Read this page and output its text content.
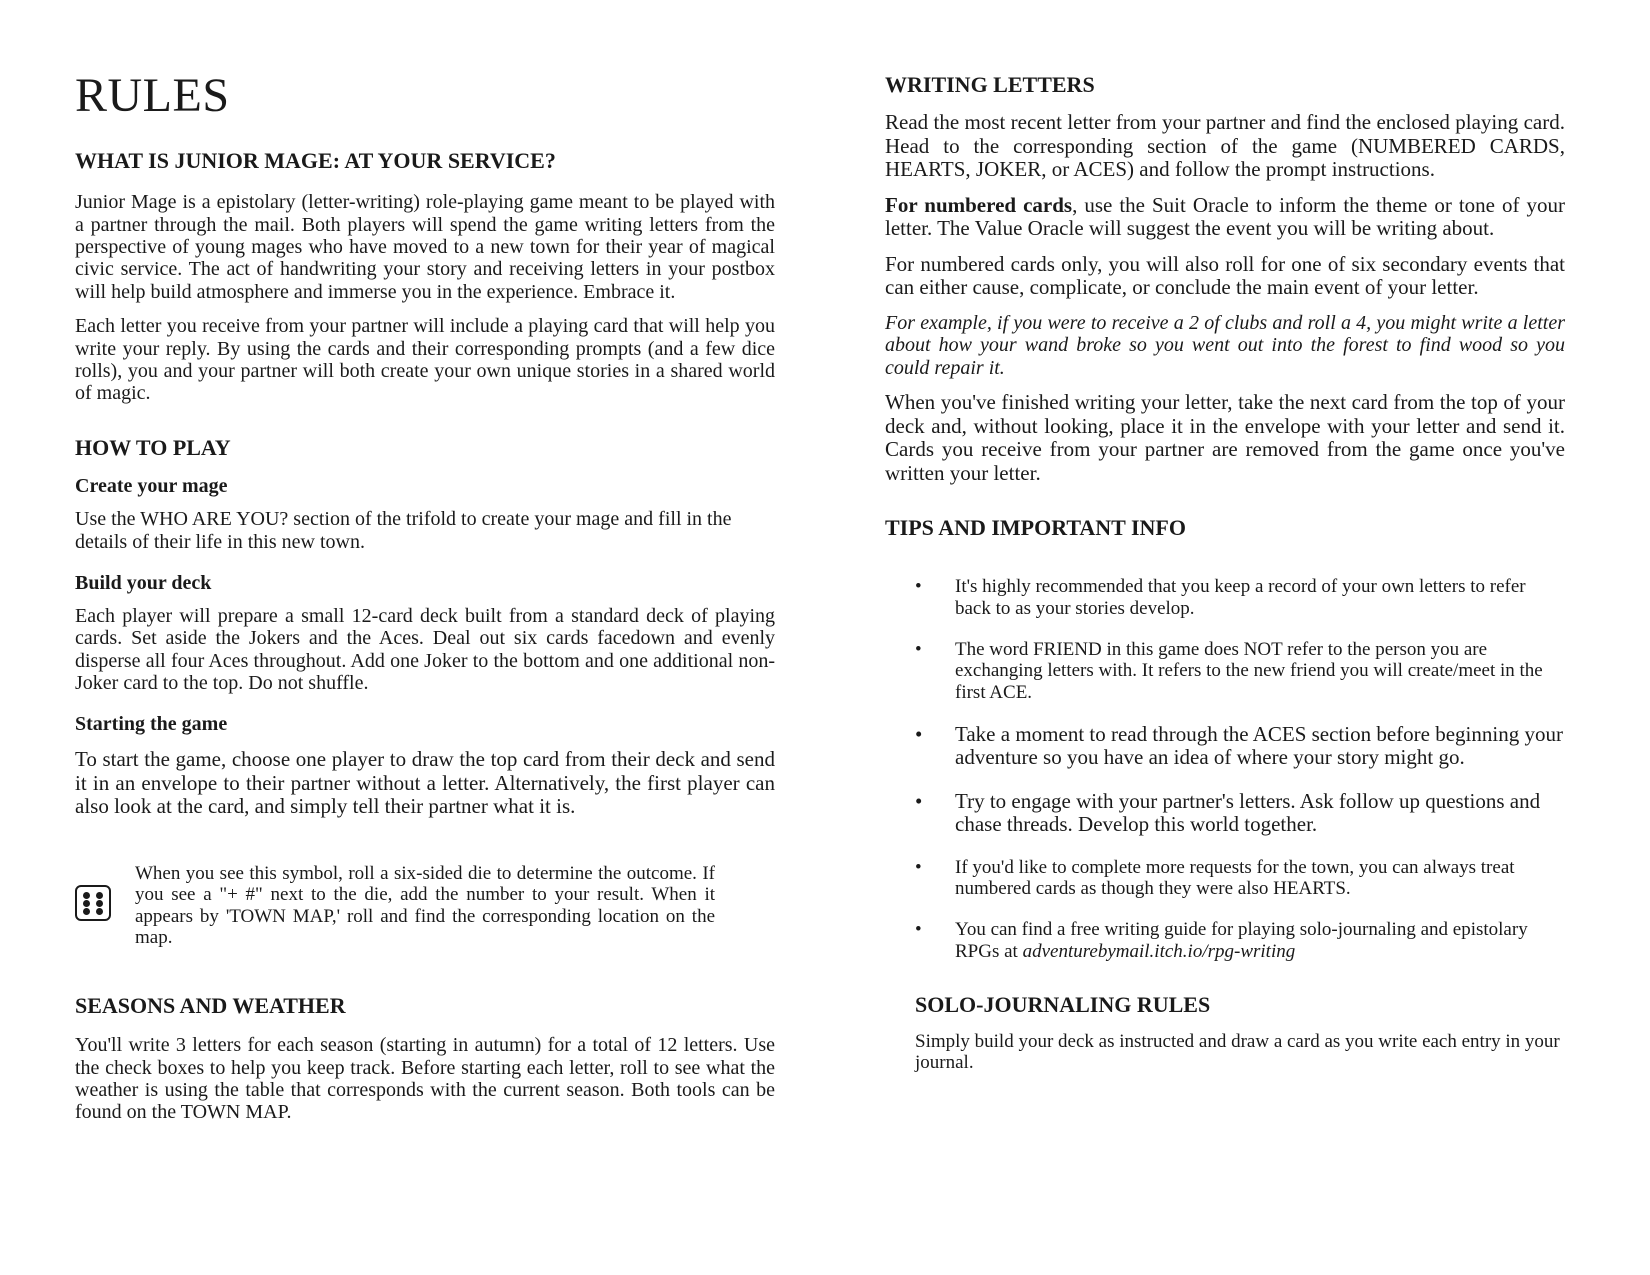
RULES
WHAT IS JUNIOR MAGE: AT YOUR SERVICE?

Junior Mage is a epistolary (letter-writing) role-playing game meant to be played with a partner through the mail. Both players will spend the game writing letters from the perspective of young mages who have moved to a new town for their year of magical civic service. The act of handwriting your story and receiving letters in your postbox will help build atmosphere and immerse you in the experience. Embrace it.

Each letter you receive from your partner will include a playing card that will help you write your reply. By using the cards and their corresponding prompts (and a few dice rolls), you and your partner will both create your own unique stories in a shared world of magic.

HOW TO PLAY
Create your mage

Use the WHO ARE YOU? section of the trifold to create your mage and fill in the details of their life in this new town.

Build your deck

Each player will prepare a small 12-card deck built from a standard deck of playing cards. Set aside the Jokers and the Aces. Deal out six cards facedown and evenly disperse all four Aces throughout. Add one Joker to the bottom and one additional non-Joker card to the top. Do not shuffle.

Starting the game

To start the game, choose one player to draw the top card from their deck and send it in an envelope to their partner without a letter. Alternatively, the first player can also look at the card, and simply tell their partner what it is.

When you see this symbol, roll a six-sided die to determine the outcome. If you see a "+ #" next to the die, add the number to your result. When it appears by 'TOWN MAP,' roll and find the corresponding location on the map.

SEASONS AND WEATHER

You'll write 3 letters for each season (starting in autumn) for a total of 12 letters. Use the check boxes to help you keep track. Before starting each letter, roll to see what the weather is using the table that corresponds with the current season. Both tools can be found on the TOWN MAP.

WRITING LETTERS

Read the most recent letter from your partner and find the enclosed playing card. Head to the corresponding section of the game (NUMBERED CARDS, HEARTS, JOKER, or ACES) and follow the prompt instructions.

For numbered cards, use the Suit Oracle to inform the theme or tone of your letter. The Value Oracle will suggest the event you will be writing about.

For numbered cards only, you will also roll for one of six secondary events that can either cause, complicate, or conclude the main event of your letter.

For example, if you were to receive a 2 of clubs and roll a 4, you might write a letter about how your wand broke so you went out into the forest to find wood so you could repair it.

When you've finished writing your letter, take the next card from the top of your deck and, without looking, place it in the envelope with your letter and send it. Cards you receive from your partner are removed from the game once you've written your letter.

TIPS AND IMPORTANT INFO
• It's highly recommended that you keep a record of your own letters to refer back to as your stories develop.
• The word FRIEND in this game does NOT refer to the person you are exchanging letters with. It refers to the new friend you will create/meet in the first ACE.
• Take a moment to read through the ACES section before beginning your adventure so you have an idea of where your story might go.
• Try to engage with your partner's letters. Ask follow up questions and chase threads. Develop this world together.
• If you'd like to complete more requests for the town, you can always treat numbered cards as though they were also HEARTS.
• You can find a free writing guide for playing solo-journaling and epistolary RPGs at adventurebymail.itch.io/rpg-writing
SOLO-JOURNALING RULES

Simply build your deck as instructed and draw a card as you write each entry in your journal.
